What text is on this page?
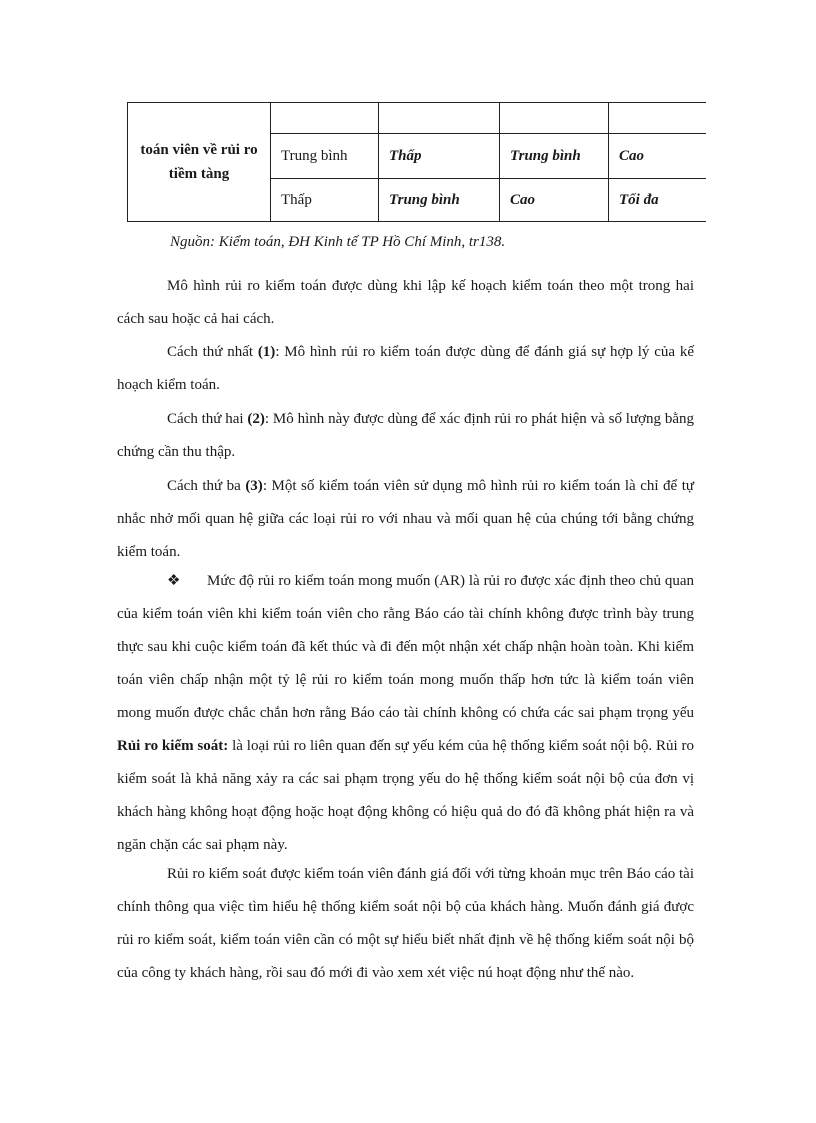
toán viên về rủi ro
tiềm tàng				
	Trung bình	Thấp	Trung bình	Cao
	Thấp	Trung bình	Cao	Tối đa
Nguồn: Kiểm toán, ĐH Kinh tế TP Hồ Chí Minh, tr138.

Mô hình rủi ro kiểm toán được dùng khi lập kế hoạch kiểm toán theo một trong hai cách sau hoặc cả hai cách.

Cách thứ nhất (1): Mô hình rủi ro kiểm toán được dùng để đánh giá sự hợp lý của kế hoạch kiểm toán.

Cách thứ hai (2): Mô hình này được dùng để xác định rủi ro phát hiện và số lượng bằng chứng cần thu thập.

Cách thứ ba (3): Một số kiểm toán viên sử dụng mô hình rủi ro kiểm toán là chỉ để tự nhắc nhở mối quan hệ giữa các loại rủi ro với nhau và mối quan hệ của chúng tới bằng chứng kiểm toán.

❖ Mức độ rủi ro kiểm toán mong muốn (AR) là rủi ro được xác định theo chủ quan của kiểm toán viên khi kiểm toán viên cho rằng Báo cáo tài chính không được trình bày trung thực sau khi cuộc kiểm toán đã kết thúc và đi đến một nhận xét chấp nhận hoàn toàn. Khi kiểm toán viên chấp nhận một tỷ lệ rủi ro kiểm toán mong muốn thấp hơn tức là kiểm toán viên mong muốn được chắc chắn hơn rằng Báo cáo tài chính không có chứa các sai phạm trọng yếu Rủi ro kiểm soát: là loại rủi ro liên quan đến sự yếu kém của hệ thống kiểm soát nội bộ. Rủi ro kiểm soát là khả năng xảy ra các sai phạm trọng yếu do hệ thống kiểm soát nội bộ của đơn vị khách hàng không hoạt động hoặc hoạt động không có hiệu quả do đó đã không phát hiện ra và ngăn chặn các sai phạm này.

Rủi ro kiểm soát được kiểm toán viên đánh giá đối với từng khoản mục trên Báo cáo tài chính thông qua việc tìm hiểu hệ thống kiểm soát nội bộ của khách hàng. Muốn đánh giá được rủi ro kiểm soát, kiểm toán viên cần có một sự hiểu biết nhất định về hệ thống kiểm soát nội bộ của công ty khách hàng, rồi sau đó mới đi vào xem xét việc nú hoạt động như thế nào.
